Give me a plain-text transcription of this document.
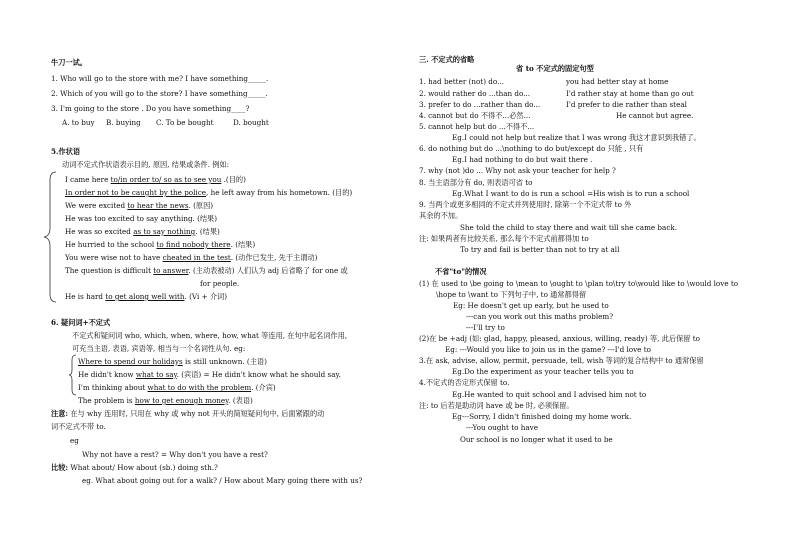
牛刀一试。
1. Who will go to the store with me? I have something_____.
2. Which of you will go to the store? I have something_____.
3. I'm going to the store . Do you have something____?
A. to buy B. buying C. To be bought	D. bought
5.作状语
动词不定式作状语表示目的, 原因, 结果或条件. 例如:
I came here to/in order to/ so as to see you .(目的)
In order not to be caught by the police, he left away from his hometown. (目的)
We were excited to hear the news. (原因)
He was too excited to say anything. (结果)
He was so excited as to say nothing. (结果)
He hurried to the school to find nobody there. (结果)
You were wise not to have cheated in the test. (动作已发生, 先于主谓动)
The question is difficult to answer. (主动表被动) 人们认为 adj 后省略了 for one 或
for people.
He is hard to get along well with. (Vi + 介词)
6. 疑问词+不定式
不定式和疑问词 who, which, when, where, how, what 等连用, 在句中起名词作用,
可充当主语, 表语, 宾语等, 相当与一个名词性从句. eg:
Where to spend our holidays is still unknown. (主语)
He didn't know what to say. (宾语) = He didn't know what he should say.
I'm thinking about what to do with the problem. (介宾)
The problem is how to get enough money. (表语)
注意: 在与 why 连用时, 只用在 why 或 why not 开头的简短疑问句中, 后面紧跟的动
词不定式不带 to.
eg
Why not have a rest? = Why don't you have a rest?
比较: What about/ How about (sb.) doing sth.?
eg. What about going out for a walk? / How about Mary going there with us?
三. 不定式的省略
省 to 不定式的固定句型
1. had better (not) do...	you had better stay at home
2. would rather do ...than do...	I'd rather stay at home than go out
3. prefer to do ...rather than do...	I'd prefer to die rather than steal
4. cannot but do 不得不...必然...	He cannot but agree.
5. cannot help but do ...不得不...
Eg.I could not help but realize that I was wrong 我这才意识到我错了。
6. do nothing but do ...\nothing to do but/except do 只能 , 只有
Eg.I had nothing to do but wait there .
7. why (not )do ... Why not ask your teacher for help ?
8. 当主语部分有 do, 则表语可省 to
Eg.What I want to do is run a school =His wish is to run a school
9. 当两个或更多相同的不定式并列使用时, 除第一个不定式带 to 外
其余的不加。
She told the child to stay there and wait till she came back.
注: 如果两者有比较关系, 那么每个不定式前都得加 to
To try and fail is better than not to try at all
不省"to"的情况
(1) 在 used to \be going to \mean to \ought to \plan to\try to\would like to \would love to
\hope to \want to 下列句子中, to 通常都得留
Eg: He doesn't get up early, but he used to
---can you work out this maths problem?
---I'll try to
(2)在 be +adj (如: glad, happy, pleased, anxious, willing, ready) 等, 此后保留 to
Eg: ---Would you like to join us in the game? ---I'd love to
3.在 ask, advise, allow, permit, persuade, tell, wish 等词的复合结构中 to 通常保留
Eg.Do the experiment as your teacher tells you to
4.不定式的否定形式保留 to.
Eg.He wanted to quit school and I advised him not to
注: to 后若是助动词 have 或 be 时, 必须保留。
Eg---Sorry, I didn't finished doing my home work.
---You ought to have
Our school is no longer what it used to be
